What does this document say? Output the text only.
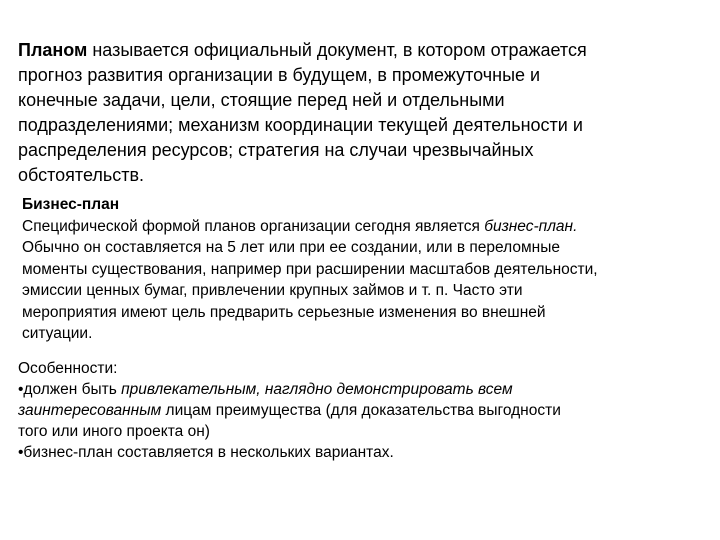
Планом называется официальный документ, в котором отражается
прогноз развития организации в будущем, в промежуточные и
конечные задачи, цели, стоящие перед ней и отдельными
подразделениями; механизм координации текущей деятельности и
распределения ресурсов; стратегия на случаи чрезвычайных
обстоятельств.
Бизнес-план
Специфической формой планов организации сегодня является бизнес-план.
Обычно он составляется на 5 лет или при ее создании, или в переломные
моменты существования, например при расширении масштабов деятельности,
эмиссии ценных бумаг, привлечении крупных займов и т. п. Часто эти
мероприятия имеют цель предварить серьезные изменения во внешней
ситуации.
Особенности:
•должен быть привлекательным, наглядно демонстрировать всем
заинтересованным лицам преимущества (для доказательства выгодности
того или иного проекта он)
•бизнес-план составляется в нескольких вариантах.
